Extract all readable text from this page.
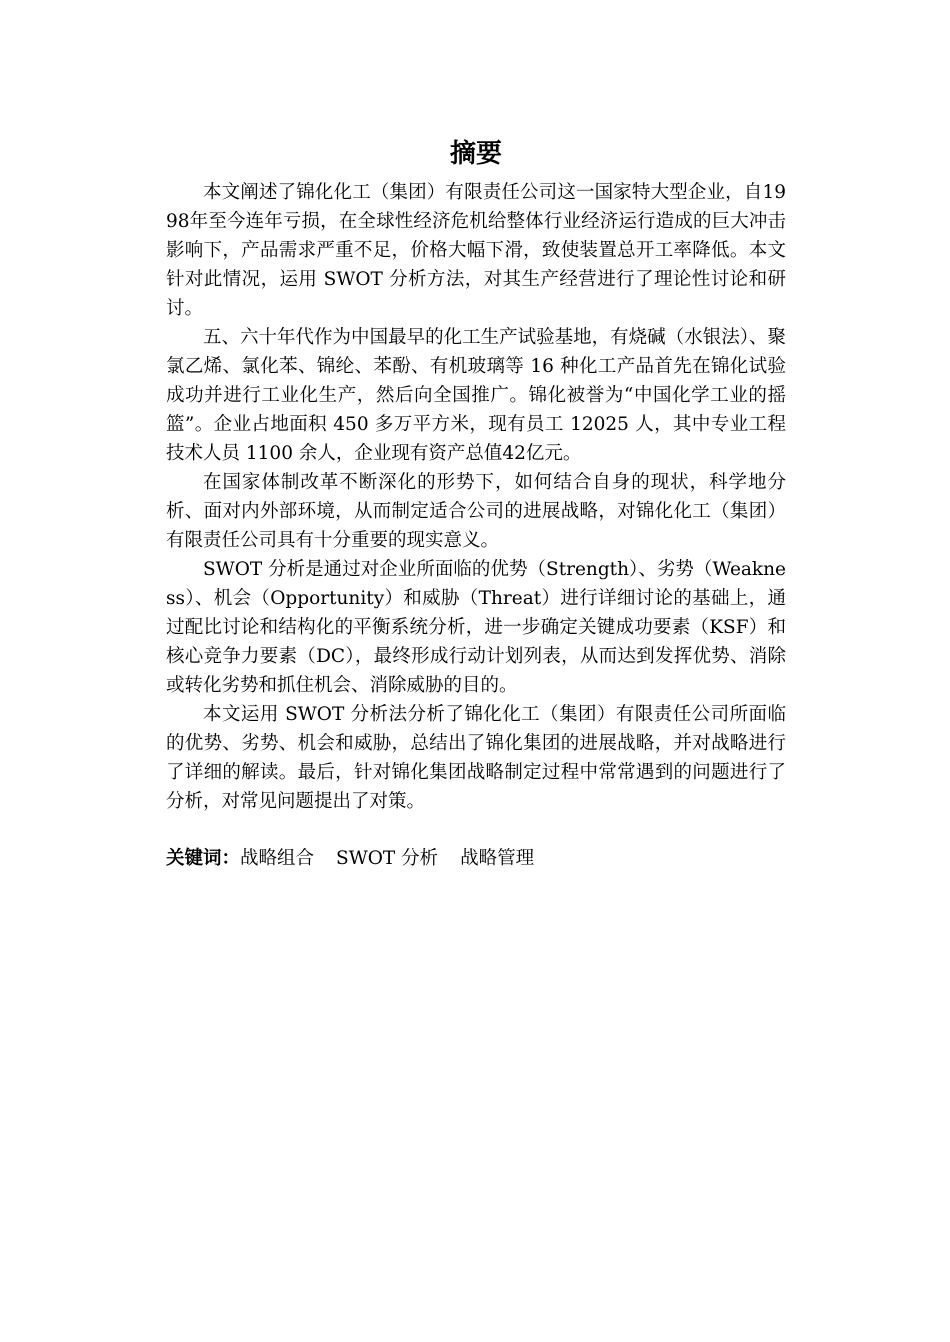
摘要

本文阐述了锦化化工（集团）有限责任公司这一国家特大型企业，自1998年至今连年亏损，在全球性经济危机给整体行业经济运行造成的巨大冲击影响下，产品需求严重不足，价格大幅下滑，致使装置总开工率降低。本文针对此情况，运用 SWOT 分析方法，对其生产经营进行了理论性讨论和研讨。

五、六十年代作为中国最早的化工生产试验基地，有烧碱（水银法）、聚氯乙烯、氯化苯、锦纶、苯酚、有机玻璃等 16 种化工产品首先在锦化试验成功并进行工业化生产，然后向全国推广。锦化被誉为“中国化学工业的摇篮”。企业占地面积 450 多万平方米，现有员工 12025 人，其中专业工程技术人员 1100 余人，企业现有资产总值42亿元。

在国家体制改革不断深化的形势下，如何结合自身的现状，科学地分析、面对内外部环境，从而制定适合公司的进展战略，对锦化化工（集团）有限责任公司具有十分重要的现实意义。

SWOT 分析是通过对企业所面临的优势（Strength）、劣势（Weakness）、机会（Opportunity）和威胁（Threat）进行详细讨论的基础上，通过配比讨论和结构化的平衡系统分析，进一步确定关键成功要素（KSF）和核心竞争力要素（DC），最终形成行动计划列表，从而达到发挥优势、消除或转化劣势和抓住机会、消除威胁的目的。

本文运用 SWOT 分析法分析了锦化化工（集团）有限责任公司所面临的优势、劣势、机会和威胁，总结出了锦化集团的进展战略，并对战略进行了详细的解读。最后，针对锦化集团战略制定过程中常常遇到的问题进行了分析，对常见问题提出了对策。

关键词：战略组合 SWOT 分析 战略管理
